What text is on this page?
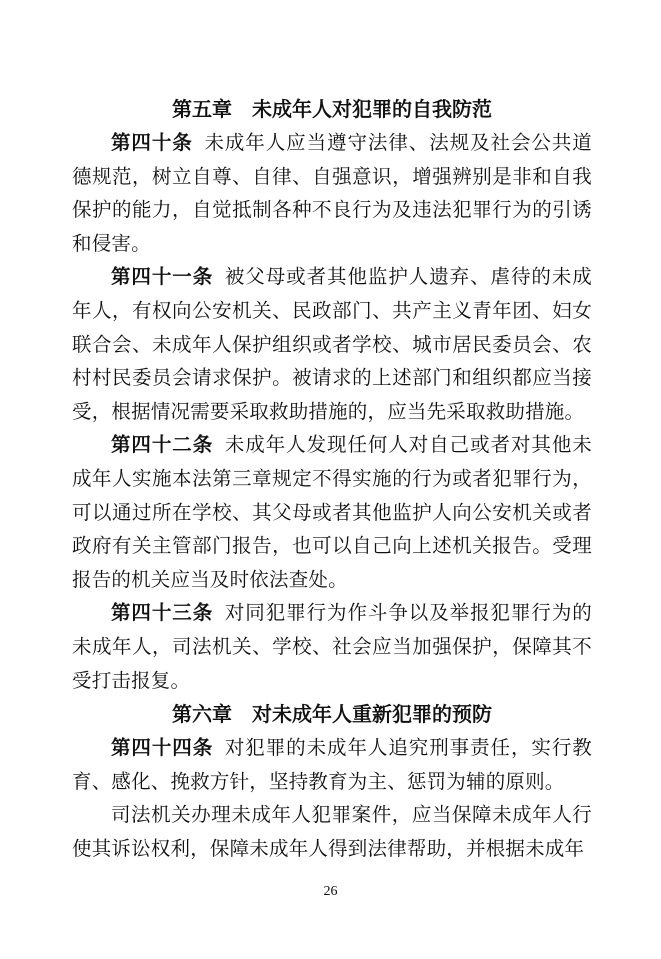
第五章　未成年人对犯罪的自我防范

第四十条 未成年人应当遵守法律、法规及社会公共道德规范，树立自尊、自律、自强意识，增强辨别是非和自我保护的能力，自觉抵制各种不良行为及违法犯罪行为的引诱和侵害。

第四十一条 被父母或者其他监护人遗弃、虐待的未成年人，有权向公安机关、民政部门、共产主义青年团、妇女联合会、未成年人保护组织或者学校、城市居民委员会、农村村民委员会请求保护。被请求的上述部门和组织都应当接受，根据情况需要采取救助措施的，应当先采取救助措施。

第四十二条 未成年人发现任何人对自己或者对其他未成年人实施本法第三章规定不得实施的行为或者犯罪行为，可以通过所在学校、其父母或者其他监护人向公安机关或者政府有关主管部门报告，也可以自己向上述机关报告。受理报告的机关应当及时依法查处。

第四十三条 对同犯罪行为作斗争以及举报犯罪行为的未成年人，司法机关、学校、社会应当加强保护，保障其不受打击报复。

第六章　对未成年人重新犯罪的预防

第四十四条 对犯罪的未成年人追究刑事责任，实行教育、感化、挽救方针，坚持教育为主、惩罚为辅的原则。

司法机关办理未成年人犯罪案件，应当保障未成年人行使其诉讼权利，保障未成年人得到法律帮助，并根据未成年

26
